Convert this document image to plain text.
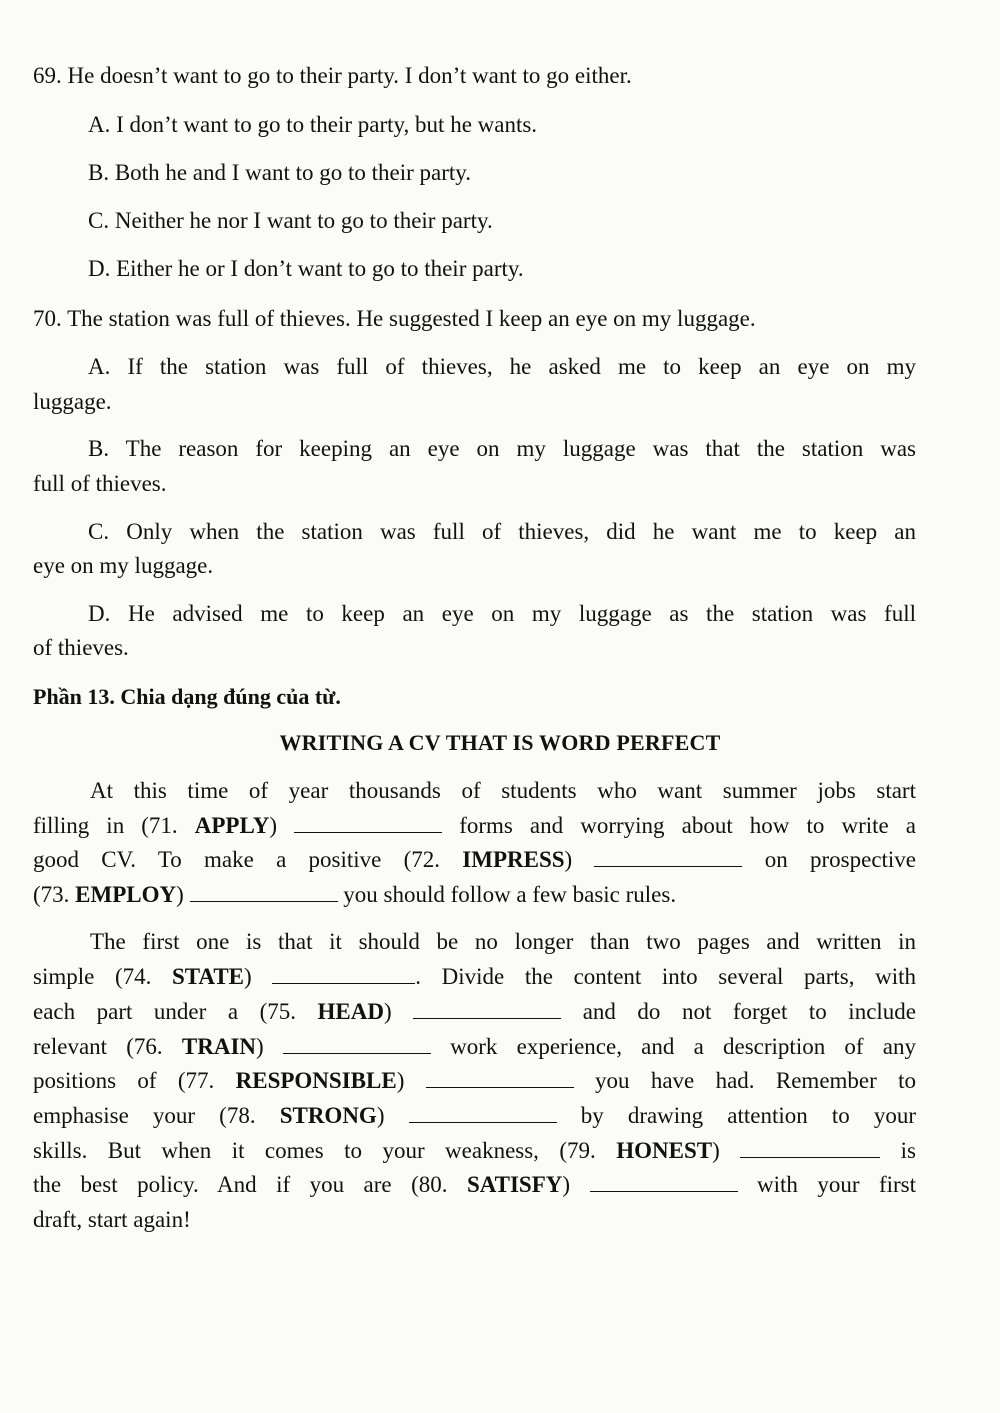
69. He doesn’t want to go to their party. I don’t want to go either.
A. I don’t want to go to their party, but he wants.
B. Both he and I want to go to their party.
C. Neither he nor I want to go to their party.
D. Either he or I don’t want to go to their party.
70. The station was full of thieves. He suggested I keep an eye on my luggage.
A. If the station was full of thieves, he asked me to keep an eye on my
luggage.
B. The reason for keeping an eye on my luggage was that the station was
full of thieves.
C. Only when the station was full of thieves, did he want me to keep an
eye on my luggage.
D. He advised me to keep an eye on my luggage as the station was full
of thieves.
Phần 13. Chia dạng đúng của từ.
WRITING A CV THAT IS WORD PERFECT
At this time of year thousands of students who want summer jobs start
filling in (71. APPLY)	forms and worrying about how to write a
good CV. To make a positive (72. IMPRESS)	on prospective
(73. EMPLOY)	you should follow a few basic rules.
The first one is that it should be no longer than two pages and written in
simple (74. STATE)	. Divide the content into several parts, with
each part under a (75. HEAD)	and do not forget to include
relevant (76. TRAIN)	work experience, and a description of any
positions of (77. RESPONSIBLE)	you have had. Remember to
emphasise your (78. STRONG)	by drawing attention to your
skills. But when it comes to your weakness, (79. HONEST)	is
the best policy. And if you are (80. SATISFY)	with your first
draft, start again!
